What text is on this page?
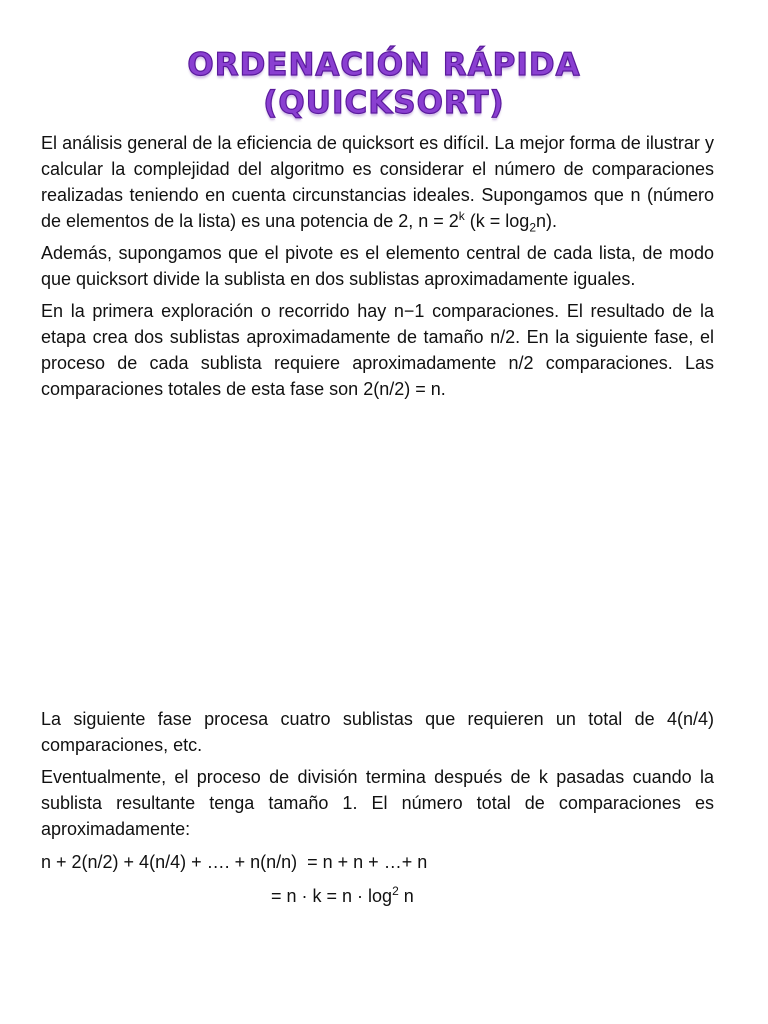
ORDENACIÓN RÁPIDA
(QUICKSORT)

El análisis general de la eficiencia de quicksort es difícil. La mejor forma de ilustrar y calcular la complejidad del algoritmo es considerar el número de comparaciones realizadas teniendo en cuenta circunstancias ideales. Supongamos que n (número de elementos de la lista) es una potencia de 2, $n = 2^k$ $(k = \log_2n)$.

Además, supongamos que el pivote es el elemento central de cada lista, de modo que quicksort divide la sublista en dos sublistas aproximadamente iguales.

En la primera exploración o recorrido hay n−1 comparaciones. El resultado de la etapa crea dos sublistas aproximadamente de tamaño n/2. En la siguiente fase, el proceso de cada sublista requiere aproximadamente n/2 comparaciones. Las comparaciones totales de esta fase son 2(n/2) = n.

La siguiente fase procesa cuatro sublistas que requieren un total de 4(n/4) comparaciones, etc.

Eventualmente, el proceso de división termina después de k pasadas cuando la sublista resultante tenga tamaño 1. El número total de comparaciones es aproximadamente:

n + 2(n/2) + 4(n/4) + …. + n(n/n)  = n + n + …+ n

= $n \cdot k = n \cdot \log^2 n$
